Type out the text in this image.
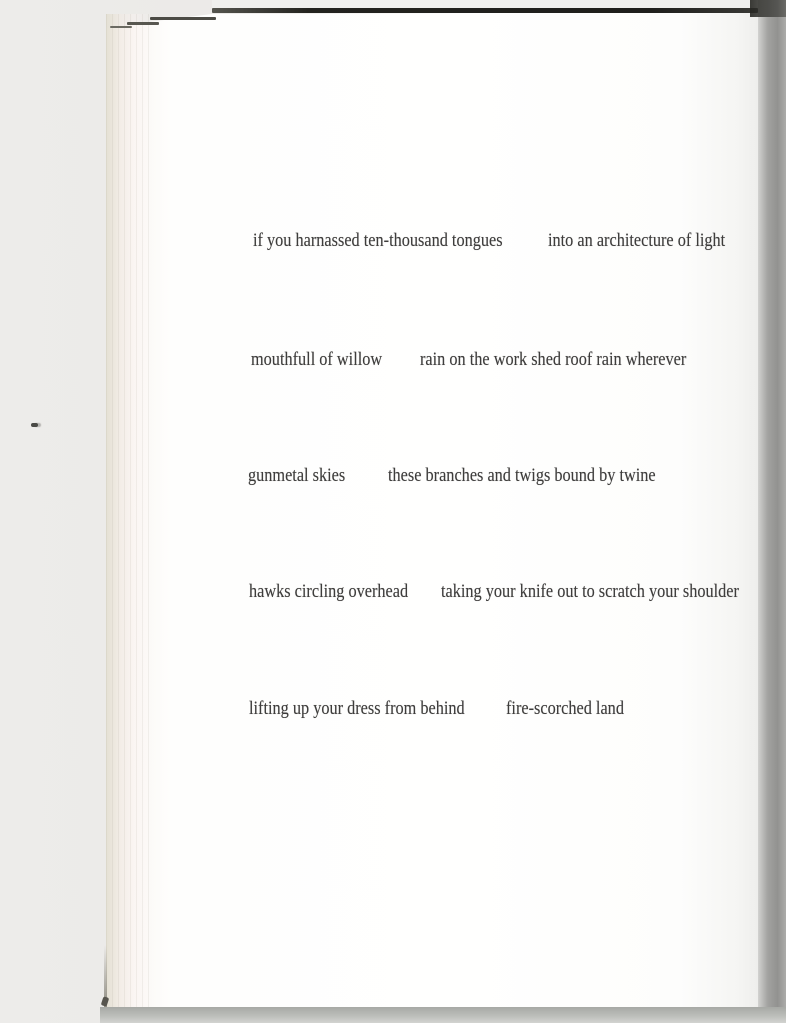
if you harnassed ten-thousand tongues into an architecture of light
mouthfull of willow rain on the work shed roof rain wherever
gunmetal skies these branches and twigs bound by twine
hawks circling overhead taking your knife out to scratch your shoulder
lifting up your dress from behind fire-scorched land
